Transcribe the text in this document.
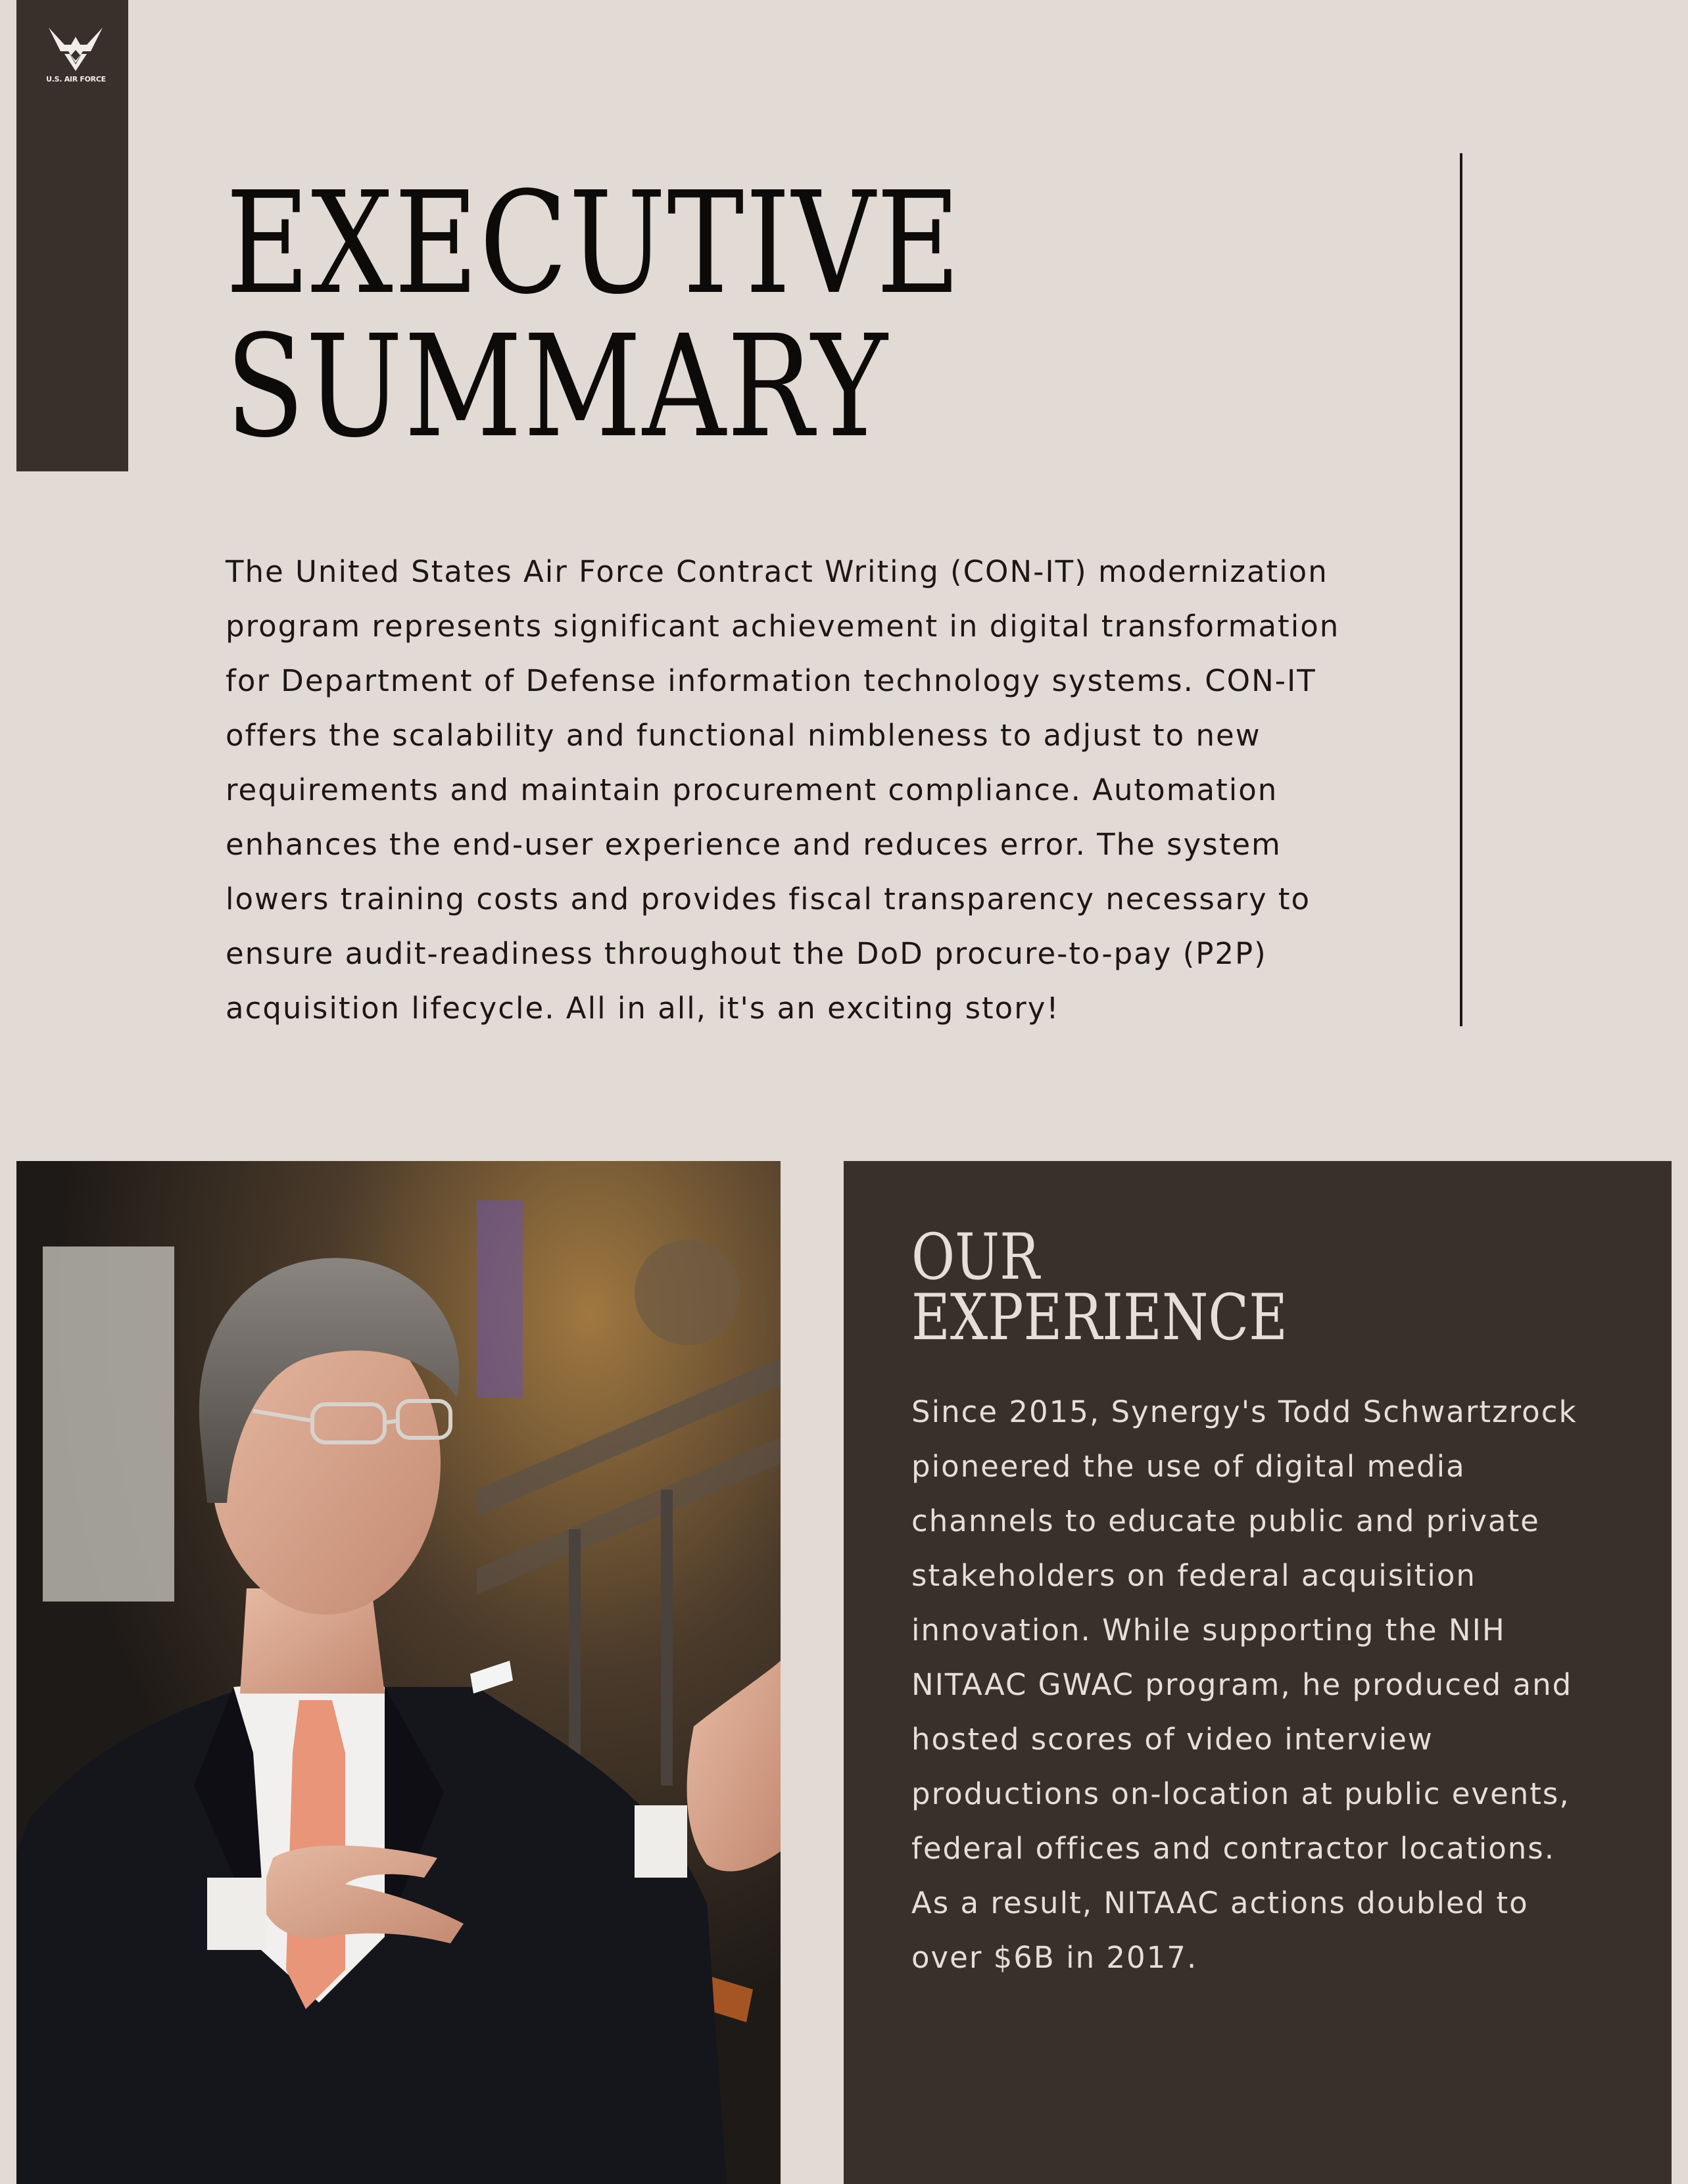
U.S. AIR FORCE
EXECUTIVE
SUMMARY

The United States Air Force Contract Writing (CON-IT) modernization program represents significant achievement in digital transformation for Department of Defense information technology systems. CON-IT offers the scalability and functional nimbleness to adjust to new requirements and maintain procurement compliance. Automation enhances the end-user experience and reduces error. The system lowers training costs and provides fiscal transparency necessary to ensure audit-readiness throughout the DoD procure-to-pay (P2P) acquisition lifecycle. All in all, it's an exciting story!

OUR
EXPERIENCE

Since 2015, Synergy's Todd Schwartzrock pioneered the use of digital media channels to educate public and private stakeholders on federal acquisition innovation. While supporting the NIH NITAAC GWAC program, he produced and hosted scores of video interview productions on-location at public events, federal offices and contractor locations. As a result, NITAAC actions doubled to over $6B in 2017.
